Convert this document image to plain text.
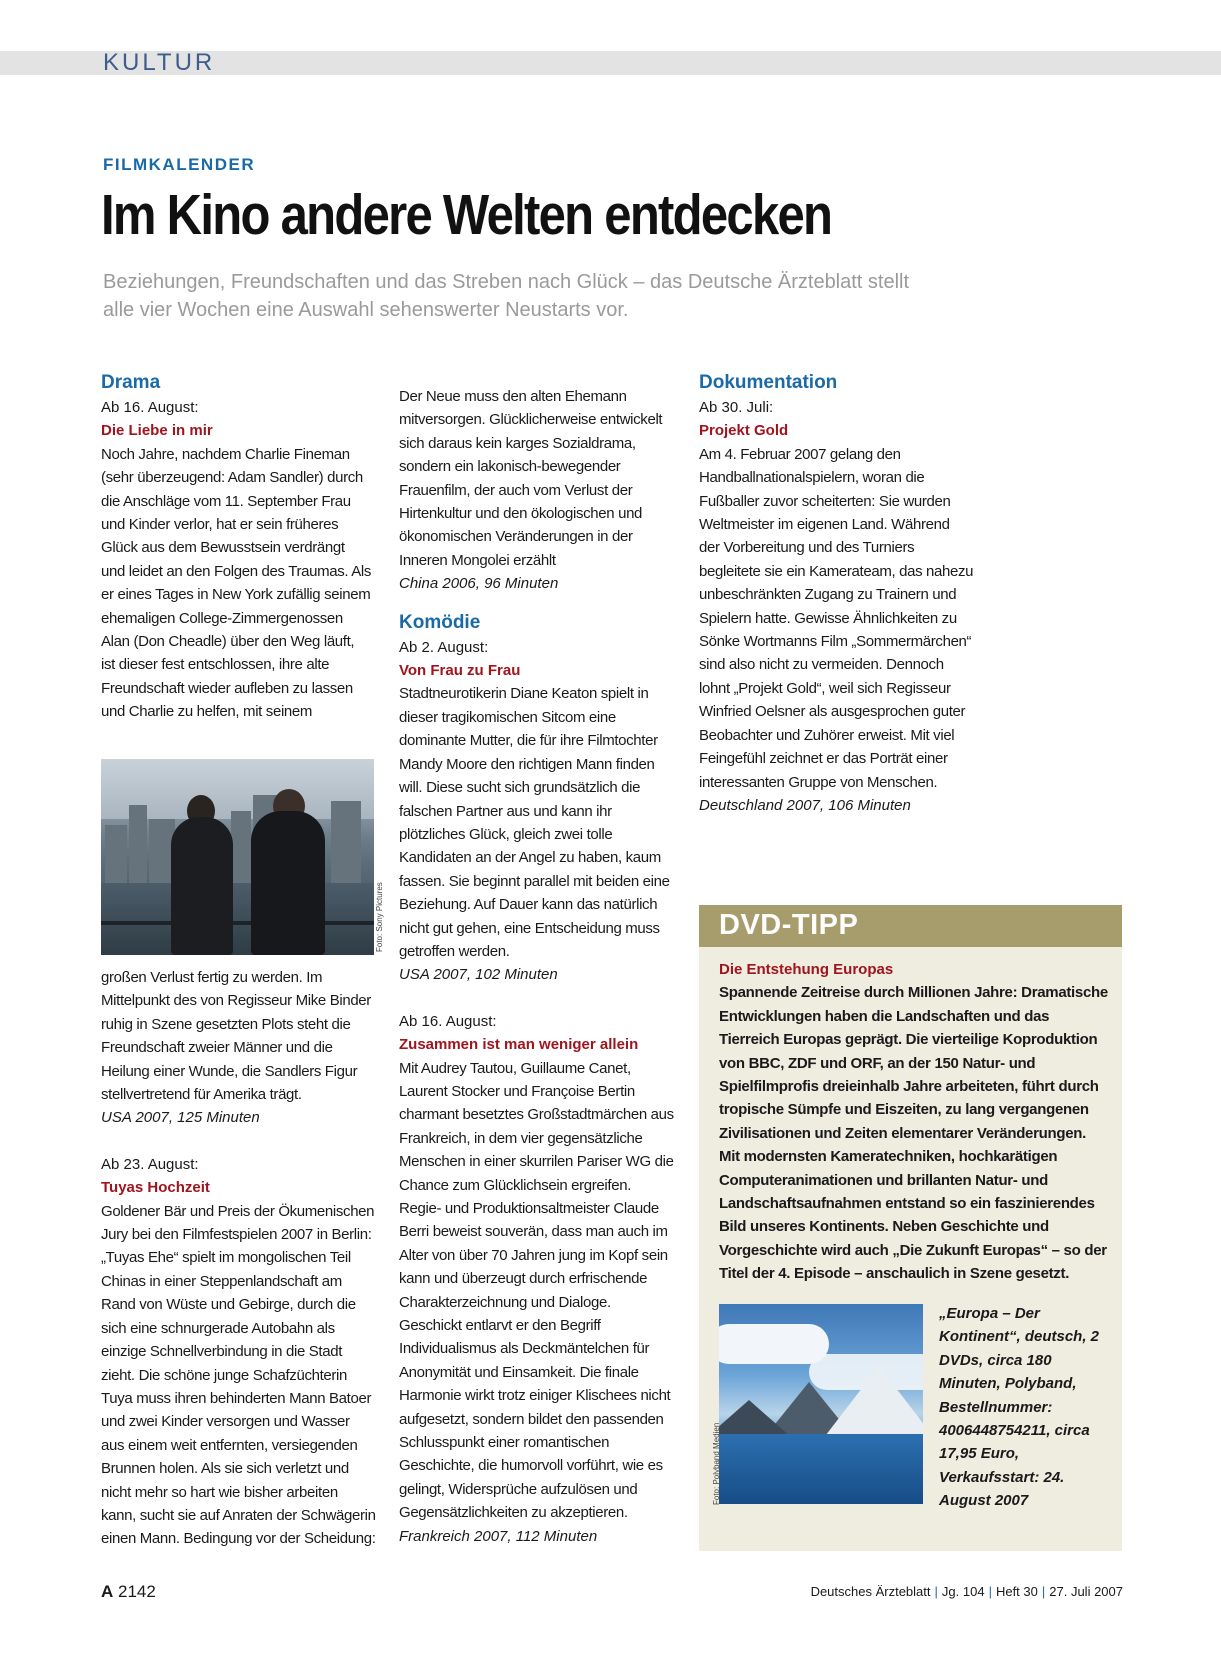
KULTUR
FILMKALENDER
Im Kino andere Welten entdecken
Beziehungen, Freundschaften und das Streben nach Glück – das Deutsche Ärzteblatt stellt alle vier Wochen eine Auswahl sehenswerter Neustarts vor.

Drama

Ab 16. August:

Die Liebe in mir

Noch Jahre, nachdem Charlie Fineman (sehr überzeugend: Adam Sandler) durch die Anschläge vom 11. September Frau und Kinder verlor, hat er sein früheres Glück aus dem Bewusstsein verdrängt und leidet an den Folgen des Traumas. Als er eines Tages in New York zufällig seinem ehemaligen College-Zimmergenossen Alan (Don Cheadle) über den Weg läuft, ist dieser fest entschlossen, ihre alte Freundschaft wieder aufleben zu lassen und Charlie zu helfen, mit seinem

Foto: Sony Pictures

großen Verlust fertig zu werden. Im Mittelpunkt des von Regisseur Mike Binder ruhig in Szene gesetzten Plots steht die Freundschaft zweier Männer und die Heilung einer Wunde, die Sandlers Figur stellvertretend für Amerika trägt.

USA 2007, 125 Minuten

Ab 23. August:

Tuyas Hochzeit

Goldener Bär und Preis der Ökumenischen Jury bei den Filmfestspielen 2007 in Berlin: „Tuyas Ehe“ spielt im mongolischen Teil Chinas in einer Steppenlandschaft am Rand von Wüste und Gebirge, durch die sich eine schnurgerade Autobahn als einzige Schnellverbindung in die Stadt zieht. Die schöne junge Schafzüchterin Tuya muss ihren behinderten Mann Batoer und zwei Kinder versorgen und Wasser aus einem weit entfernten, versiegenden Brunnen holen. Als sie sich verletzt und nicht mehr so hart wie bisher arbeiten kann, sucht sie auf Anraten der Schwägerin einen Mann. Bedingung vor der Scheidung:

Der Neue muss den alten Ehemann mitversorgen. Glücklicherweise entwickelt sich daraus kein karges Sozialdrama, sondern ein lakonisch-bewegender Frauenfilm, der auch vom Verlust der Hirtenkultur und den ökologischen und ökonomischen Veränderungen in der Inneren Mongolei erzählt

China 2006, 96 Minuten

Komödie

Ab 2. August:

Von Frau zu Frau

Stadtneurotikerin Diane Keaton spielt in dieser tragikomischen Sitcom eine dominante Mutter, die für ihre Filmtochter Mandy Moore den richtigen Mann finden will. Diese sucht sich grundsätzlich die falschen Partner aus und kann ihr plötzliches Glück, gleich zwei tolle Kandidaten an der Angel zu haben, kaum fassen. Sie beginnt parallel mit beiden eine Beziehung. Auf Dauer kann das natürlich nicht gut gehen, eine Entscheidung muss getroffen werden.

USA 2007, 102 Minuten

Ab 16. August:

Zusammen ist man weniger allein

Mit Audrey Tautou, Guillaume Canet, Laurent Stocker und Françoise Bertin charmant besetztes Großstadtmärchen aus Frankreich, in dem vier gegensätzliche Menschen in einer skurrilen Pariser WG die Chance zum Glücklichsein ergreifen. Regie- und Produktionsaltmeister Claude Berri beweist souverän, dass man auch im Alter von über 70 Jahren jung im Kopf sein kann und überzeugt durch erfrischende Charakterzeichnung und Dialoge. Geschickt entlarvt er den Begriff Individualismus als Deckmäntelchen für Anonymität und Einsamkeit. Die finale Harmonie wirkt trotz einiger Klischees nicht aufgesetzt, sondern bildet den passenden Schlusspunkt einer romantischen Geschichte, die humorvoll vorführt, wie es gelingt, Widersprüche aufzulösen und Gegensätzlichkeiten zu akzeptieren.

Frankreich 2007, 112 Minuten

Dokumentation

Ab 30. Juli:

Projekt Gold

Am 4. Februar 2007 gelang den Handballnationalspielern, woran die Fußballer zuvor scheiterten: Sie wurden Weltmeister im eigenen Land. Während der Vorbereitung und des Turniers begleitete sie ein Kamerateam, das nahezu unbeschränkten Zugang zu Trainern und Spielern hatte. Gewisse Ähnlichkeiten zu Sönke Wortmanns Film „Sommermärchen“ sind also nicht zu vermeiden. Dennoch lohnt „Projekt Gold“, weil sich Regisseur Winfried Oelsner als ausgesprochen guter Beobachter und Zuhörer erweist. Mit viel Feingefühl zeichnet er das Porträt einer interessanten Gruppe von Menschen.

Deutschland 2007, 106 Minuten

DVD-TIPP

Die Entstehung Europas

Spannende Zeitreise durch Millionen Jahre: Dramatische Entwicklungen haben die Landschaften und das Tierreich Europas geprägt. Die vierteilige Koproduktion von BBC, ZDF und ORF, an der 150 Natur- und Spielfilmprofis dreieinhalb Jahre arbeiteten, führt durch tropische Sümpfe und Eiszeiten, zu lang vergangenen Zivilisationen und Zeiten elementarer Veränderungen. Mit modernsten Kameratechniken, hochkarätigen Computeranimationen und brillanten Natur- und Landschaftsaufnahmen entstand so ein faszinierendes Bild unseres Kontinents. Neben Geschichte und Vorgeschichte wird auch „Die Zukunft Europas“ – so der Titel der 4. Episode – anschaulich in Szene gesetzt.

Foto: Polyband Medien
„Europa – Der Kontinent“, deutsch, 2 DVDs, circa 180 Minuten, Polyband, Bestellnummer: 4006448754211, circa 17,95 Euro, Verkaufsstart: 24. August 2007
A 2142	Deutsches Ärzteblatt | Jg. 104 | Heft 30 | 27. Juli 2007
